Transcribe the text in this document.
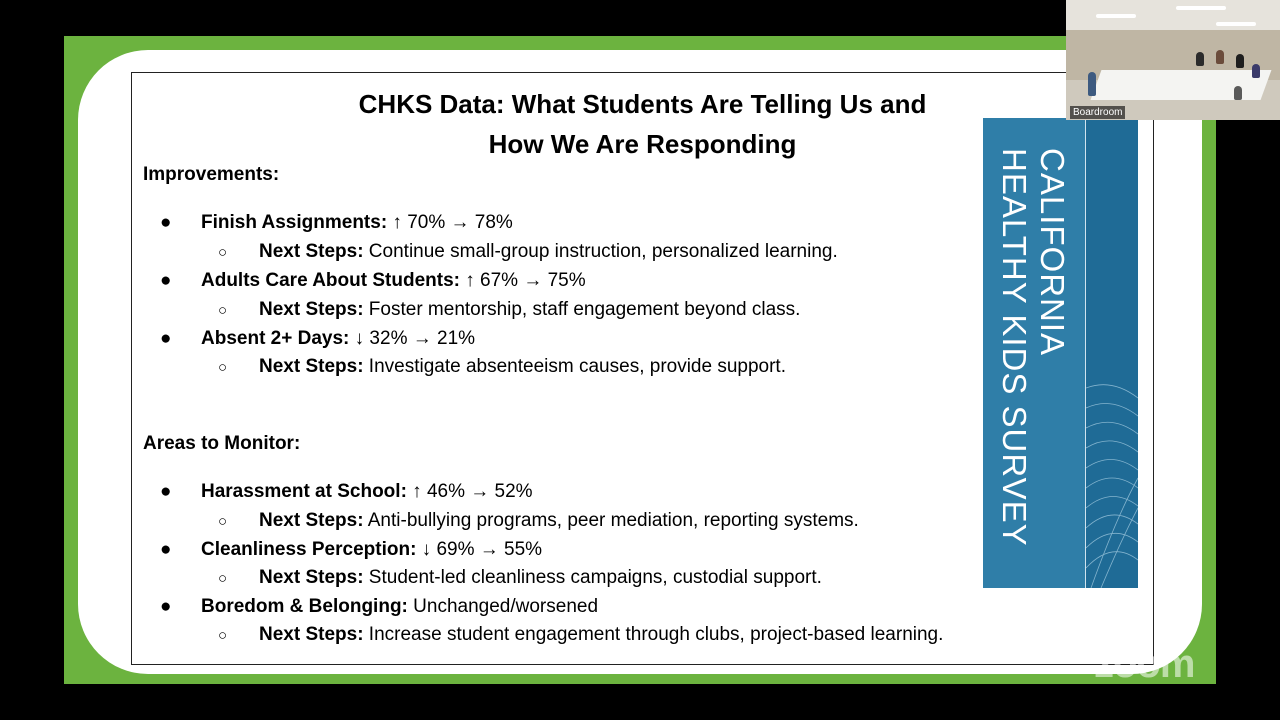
CHKS Data: What Students Are Telling Us and
How We Are Responding
Improvements:
● Finish Assignments: ↑ 70% → 78%
○ Next Steps: Continue small-group instruction, personalized learning.
● Adults Care About Students: ↑ 67% → 75%
○ Next Steps: Foster mentorship, staff engagement beyond class.
● Absent 2+ Days: ↓ 32% → 21%
○ Next Steps: Investigate absenteeism causes, provide support.
Areas to Monitor:
● Harassment at School: ↑ 46% → 52%
○ Next Steps: Anti-bullying programs, peer mediation, reporting systems.
● Cleanliness Perception: ↓ 69% → 55%
○ Next Steps: Student-led cleanliness campaigns, custodial support.
● Boredom & Belonging: Unchanged/worsened
○ Next Steps: Increase student engagement through clubs, project-based learning.
CALIFORNIA
HEALTHY KIDS SURVEY
Boardroom
zoom
